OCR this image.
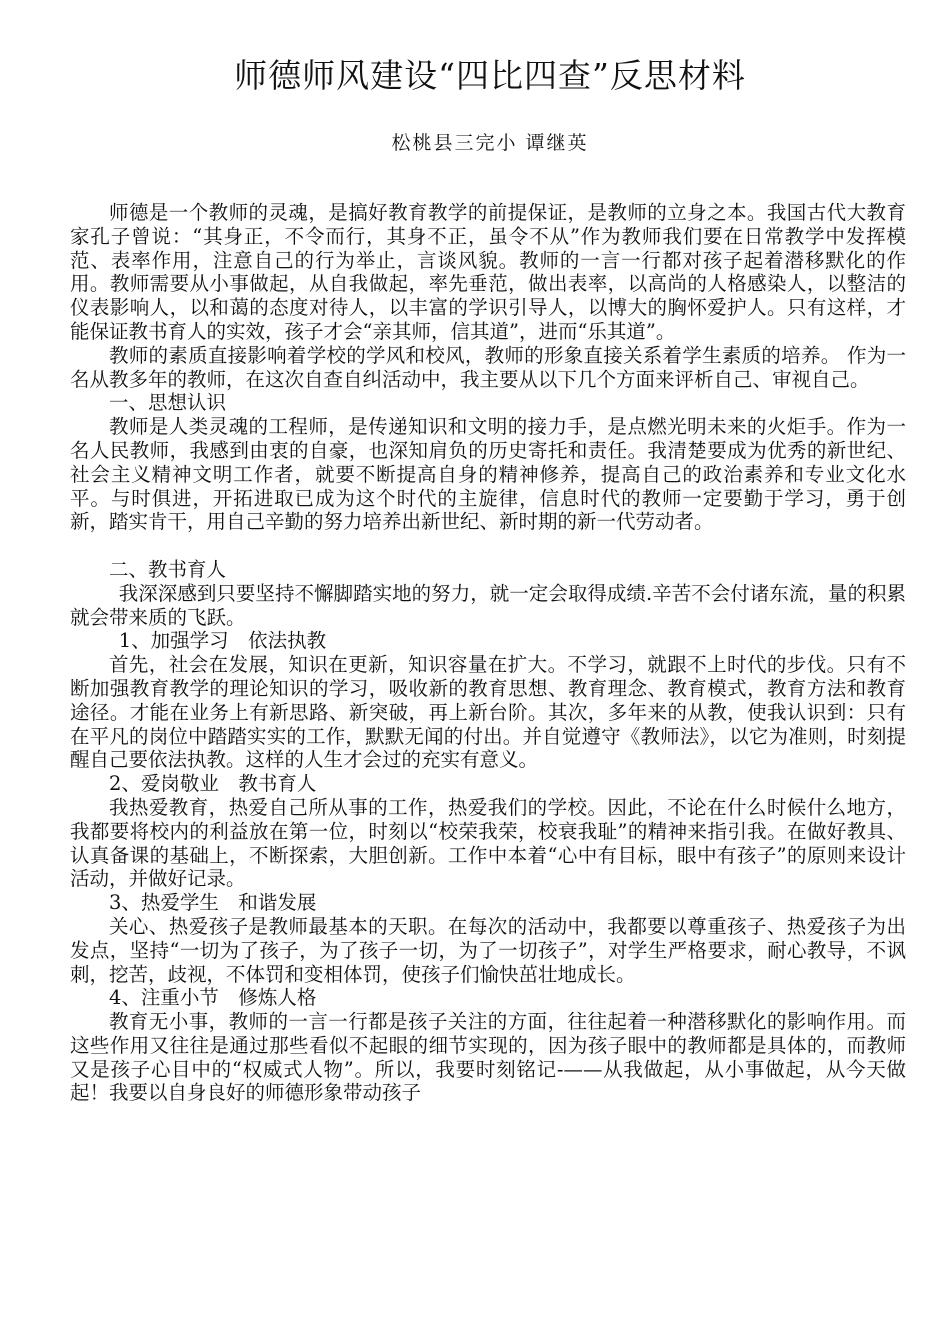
师德师风建设“四比四查”反思材料
松桃县三完小 谭继英

师德是一个教师的灵魂，是搞好教育教学的前提保证，是教师的立身之本。我国古代大教育家孔子曾说：“其身正，不令而行，其身不正，虽令不从”作为教师我们要在日常教学中发挥模范、表率作用，注意自己的行为举止，言谈风貌。教师的一言一行都对孩子起着潜移默化的作用。教师需要从小事做起，从自我做起，率先垂范，做出表率，以高尚的人格感染人，以整洁的仪表影响人，以和蔼的态度对待人，以丰富的学识引导人，以博大的胸怀爱护人。只有这样，才能保证教书育人的实效，孩子才会“亲其师，信其道”，进而“乐其道”。

教师的素质直接影响着学校的学风和校风，教师的形象直接关系着学生素质的培养。 作为一名从教多年的教师，在这次自查自纠活动中，我主要从以下几个方面来评析自己、审视自己。

一、思想认识

教师是人类灵魂的工程师，是传递知识和文明的接力手，是点燃光明未来的火炬手。作为一名人民教师，我感到由衷的自豪，也深知肩负的历史寄托和责任。我清楚要成为优秀的新世纪、社会主义精神文明工作者，就要不断提高自身的精神修养，提高自己的政治素养和专业文化水平。与时俱进，开拓进取已成为这个时代的主旋律，信息时代的教师一定要勤于学习，勇于创新，踏实肯干，用自己辛勤的努力培养出新世纪、新时期的新一代劳动者。

二、教书育人

我深深感到只要坚持不懈脚踏实地的努力，就一定会取得成绩.辛苦不会付诸东流，量的积累就会带来质的飞跃。

1、加强学习　依法执教

首先，社会在发展，知识在更新，知识容量在扩大。不学习，就跟不上时代的步伐。只有不断加强教育教学的理论知识的学习，吸收新的教育思想、教育理念、教育模式，教育方法和教育途径。才能在业务上有新思路、新突破，再上新台阶。其次，多年来的从教，使我认识到：只有在平凡的岗位中踏踏实实的工作，默默无闻的付出。并自觉遵守《教师法》，以它为准则，时刻提醒自己要依法执教。这样的人生才会过的充实有意义。

2、爱岗敬业　教书育人

我热爱教育，热爱自己所从事的工作，热爱我们的学校。因此，不论在什么时候什么地方，我都要将校内的利益放在第一位，时刻以“校荣我荣，校衰我耻”的精神来指引我。在做好教具、认真备课的基础上，不断探索，大胆创新。工作中本着“心中有目标，眼中有孩子”的原则来设计活动，并做好记录。

3、热爱学生　和谐发展

关心、热爱孩子是教师最基本的天职。在每次的活动中，我都要以尊重孩子、热爱孩子为出发点，坚持“一切为了孩子，为了孩子一切，为了一切孩子”，对学生严格要求，耐心教导，不讽刺，挖苦，歧视，不体罚和变相体罚，使孩子们愉快茁壮地成长。

4、注重小节　修炼人格

教育无小事，教师的一言一行都是孩子关注的方面，往往起着一种潜移默化的影响作用。而这些作用又往往是通过那些看似不起眼的细节实现的，因为孩子眼中的教师都是具体的，而教师又是孩子心目中的“权威式人物”。所以，我要时刻铭记-——从我做起，从小事做起，从今天做起！我要以自身良好的师德形象带动孩子
